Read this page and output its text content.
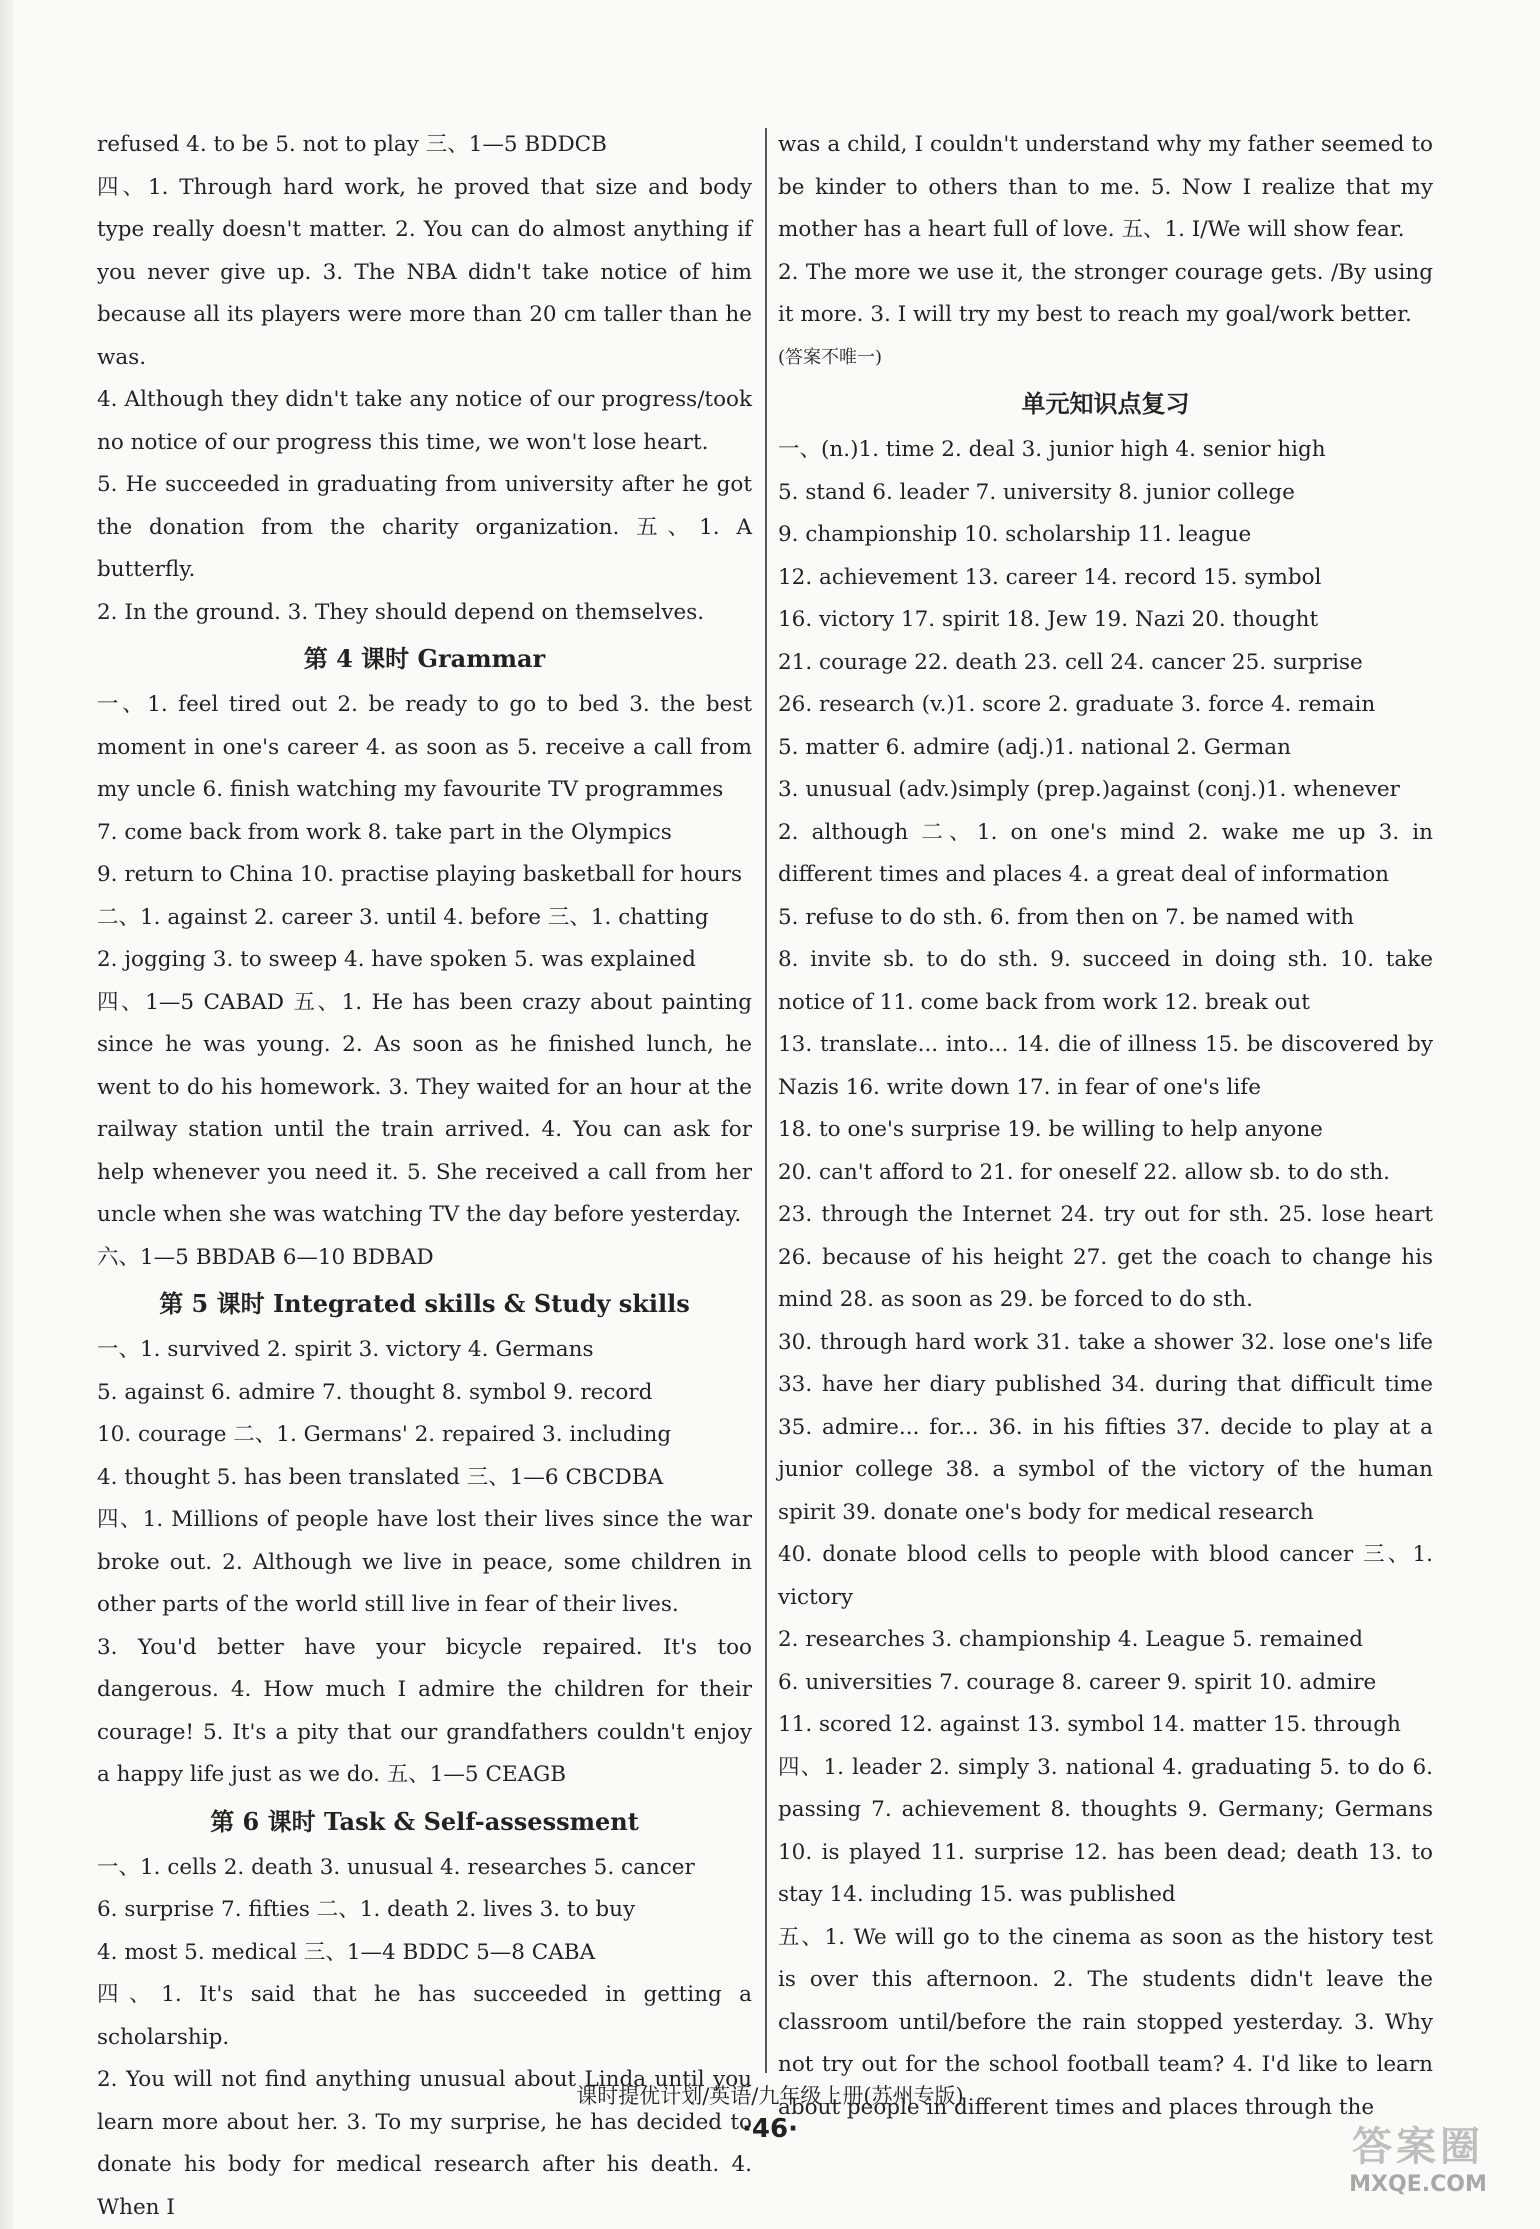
refused 4. to be 5. not to play 三、1—5 BDDCB

四、1. Through hard work, he proved that size and body type really doesn't matter. 2. You can do almost anything if you never give up. 3. The NBA didn't take notice of him because all its players were more than 20 cm taller than he was.

4. Although they didn't take any notice of our progress/took no notice of our progress this time, we won't lose heart.

5. He succeeded in graduating from university after he got the donation from the charity organization. 五、1. A butterfly.

2. In the ground. 3. They should depend on themselves.

第 4 课时 Grammar

一、1. feel tired out 2. be ready to go to bed 3. the best moment in one's career 4. as soon as 5. receive a call from my uncle 6. finish watching my favourite TV programmes

7. come back from work 8. take part in the Olympics

9. return to China 10. practise playing basketball for hours

二、1. against 2. career 3. until 4. before 三、1. chatting

2. jogging 3. to sweep 4. have spoken 5. was explained

四、1—5 CABAD 五、1. He has been crazy about painting since he was young. 2. As soon as he finished lunch, he went to do his homework. 3. They waited for an hour at the railway station until the train arrived. 4. You can ask for help whenever you need it. 5. She received a call from her uncle when she was watching TV the day before yesterday.

六、1—5 BBDAB 6—10 BDBAD

第 5 课时 Integrated skills & Study skills

一、1. survived 2. spirit 3. victory 4. Germans

5. against 6. admire 7. thought 8. symbol 9. record

10. courage 二、1. Germans' 2. repaired 3. including

4. thought 5. has been translated 三、1—6 CBCDBA

四、1. Millions of people have lost their lives since the war broke out. 2. Although we live in peace, some children in other parts of the world still live in fear of their lives.

3. You'd better have your bicycle repaired. It's too dangerous. 4. How much I admire the children for their courage! 5. It's a pity that our grandfathers couldn't enjoy a happy life just as we do. 五、1—5 CEAGB

第 6 课时 Task & Self-assessment

一、1. cells 2. death 3. unusual 4. researches 5. cancer

6. surprise 7. fifties 二、1. death 2. lives 3. to buy

4. most 5. medical 三、1—4 BDDC 5—8 CABA

四、1. It's said that he has succeeded in getting a scholarship.

2. You will not find anything unusual about Linda until you learn more about her. 3. To my surprise, he has decided to donate his body for medical research after his death. 4. When I

was a child, I couldn't understand why my father seemed to be kinder to others than to me. 5. Now I realize that my mother has a heart full of love. 五、1. I/We will show fear.

2. The more we use it, the stronger courage gets. /By using it more. 3. I will try my best to reach my goal/work better.

(答案不唯一)

单元知识点复习

一、(n.)1. time 2. deal 3. junior high 4. senior high

5. stand 6. leader 7. university 8. junior college

9. championship 10. scholarship 11. league

12. achievement 13. career 14. record 15. symbol

16. victory 17. spirit 18. Jew 19. Nazi 20. thought

21. courage 22. death 23. cell 24. cancer 25. surprise

26. research (v.)1. score 2. graduate 3. force 4. remain

5. matter 6. admire (adj.)1. national 2. German

3. unusual (adv.)simply (prep.)against (conj.)1. whenever

2. although 二、1. on one's mind 2. wake me up 3. in different times and places 4. a great deal of information

5. refuse to do sth. 6. from then on 7. be named with

8. invite sb. to do sth. 9. succeed in doing sth. 10. take notice of 11. come back from work 12. break out

13. translate... into... 14. die of illness 15. be discovered by Nazis 16. write down 17. in fear of one's life

18. to one's surprise 19. be willing to help anyone

20. can't afford to 21. for oneself 22. allow sb. to do sth.

23. through the Internet 24. try out for sth. 25. lose heart 26. because of his height 27. get the coach to change his mind 28. as soon as 29. be forced to do sth.

30. through hard work 31. take a shower 32. lose one's life 33. have her diary published 34. during that difficult time 35. admire... for... 36. in his fifties 37. decide to play at a junior college 38. a symbol of the victory of the human spirit 39. donate one's body for medical research

40. donate blood cells to people with blood cancer 三、1. victory

2. researches 3. championship 4. League 5. remained

6. universities 7. courage 8. career 9. spirit 10. admire

11. scored 12. against 13. symbol 14. matter 15. through

四、1. leader 2. simply 3. national 4. graduating 5. to do 6. passing 7. achievement 8. thoughts 9. Germany; Germans 10. is played 11. surprise 12. has been dead; death 13. to stay 14. including 15. was published

五、1. We will go to the cinema as soon as the history test is over this afternoon. 2. The students didn't leave the classroom until/before the rain stopped yesterday. 3. Why not try out for the school football team? 4. I'd like to learn about people in different times and places through the

课时提优计划/英语/九年级上册(苏州专版)
·46·	答案圈
MXQE.COM
